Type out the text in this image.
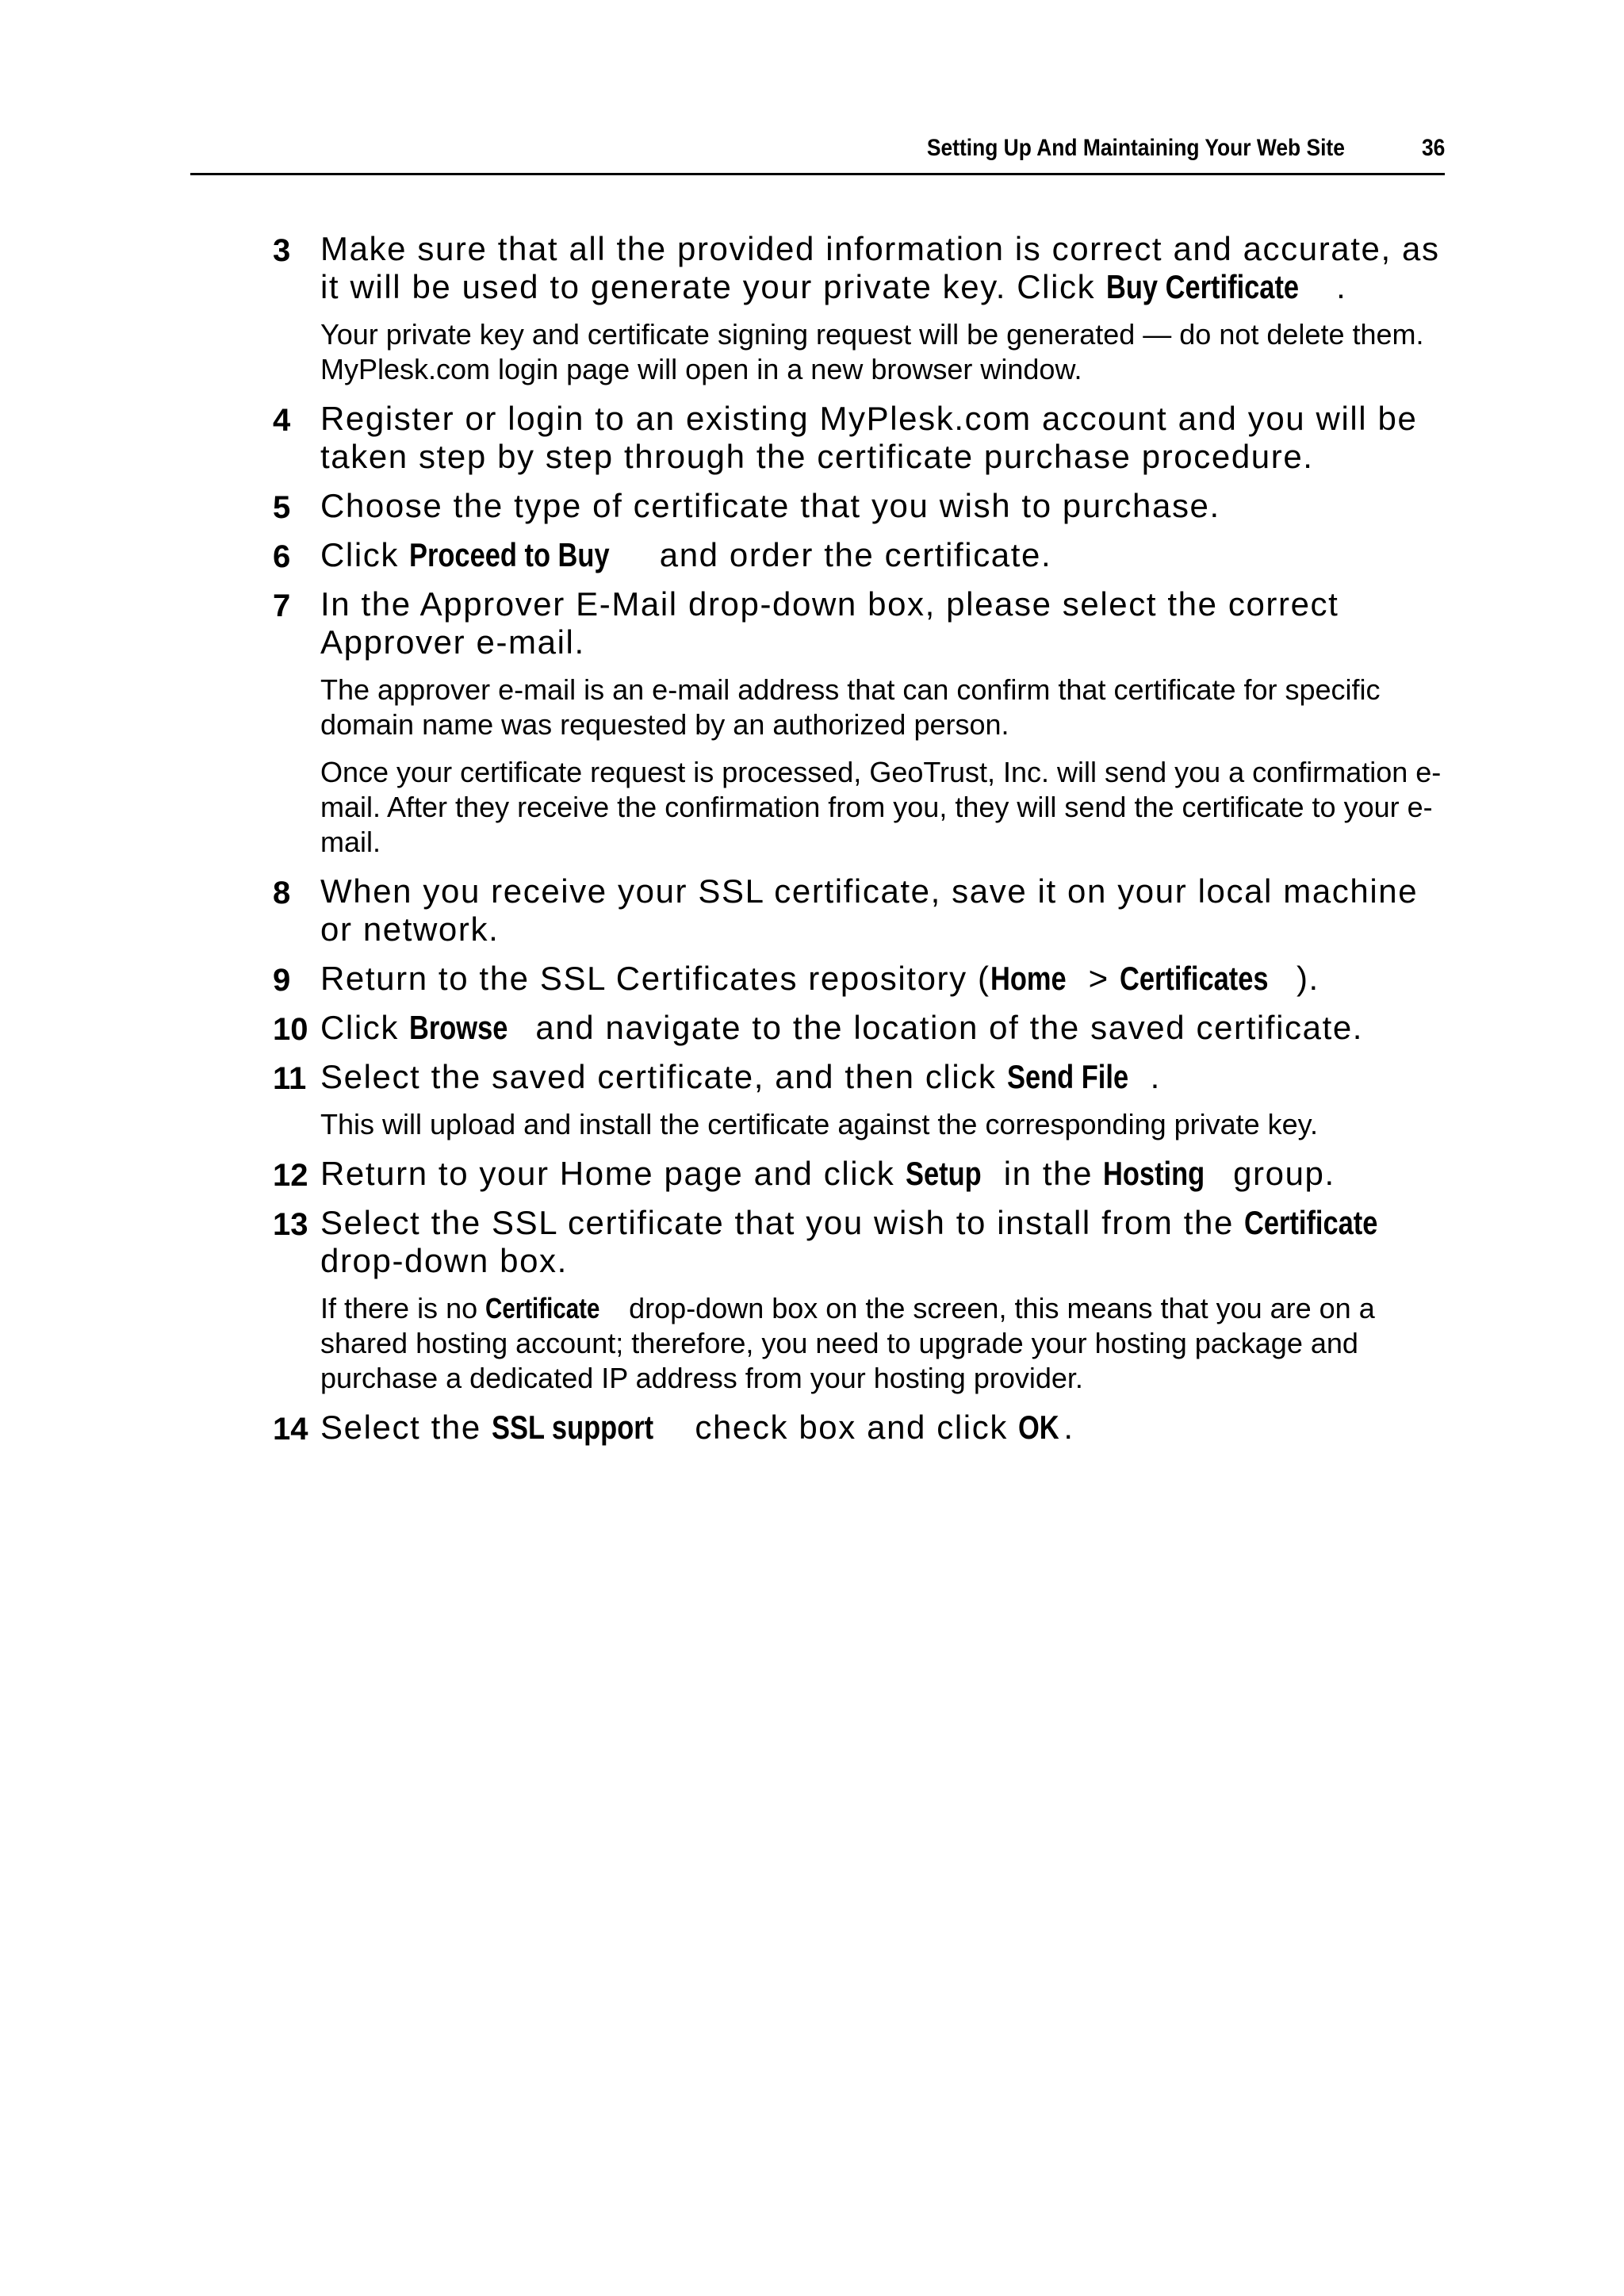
Setting Up And Maintaining Your Web Site	36
3 Make sure that all the provided information is correct and accurate, as it will be used to generate your private key. Click Buy Certificate .
Your private key and certificate signing request will be generated — do not delete them. MyPlesk.com login page will open in a new browser window.
4 Register or login to an existing MyPlesk.com account and you will be taken step by step through the certificate purchase procedure.
5 Choose the type of certificate that you wish to purchase.
6 Click Proceed to Buy and order the certificate.
7 In the Approver E-Mail drop-down box, please select the correct Approver e-mail.
The approver e-mail is an e-mail address that can confirm that certificate for specific domain name was requested by an authorized person.
Once your certificate request is processed, GeoTrust, Inc. will send you a confirmation e-mail. After they receive the confirmation from you, they will send the certificate to your e-mail.
8 When you receive your SSL certificate, save it on your local machine or network.
9 Return to the SSL Certificates repository (Home > Certificates ).
10 Click Browse and navigate to the location of the saved certificate.
11 Select the saved certificate, and then click Send File .
This will upload and install the certificate against the corresponding private key.
12 Return to your Home page and click Setup in the Hosting group.
13 Select the SSL certificate that you wish to install from the Certificate drop-down box.
If there is no Certificate drop-down box on the screen, this means that you are on a shared hosting account; therefore, you need to upgrade your hosting package and purchase a dedicated IP address from your hosting provider.
14 Select the SSL support check box and click OK .
